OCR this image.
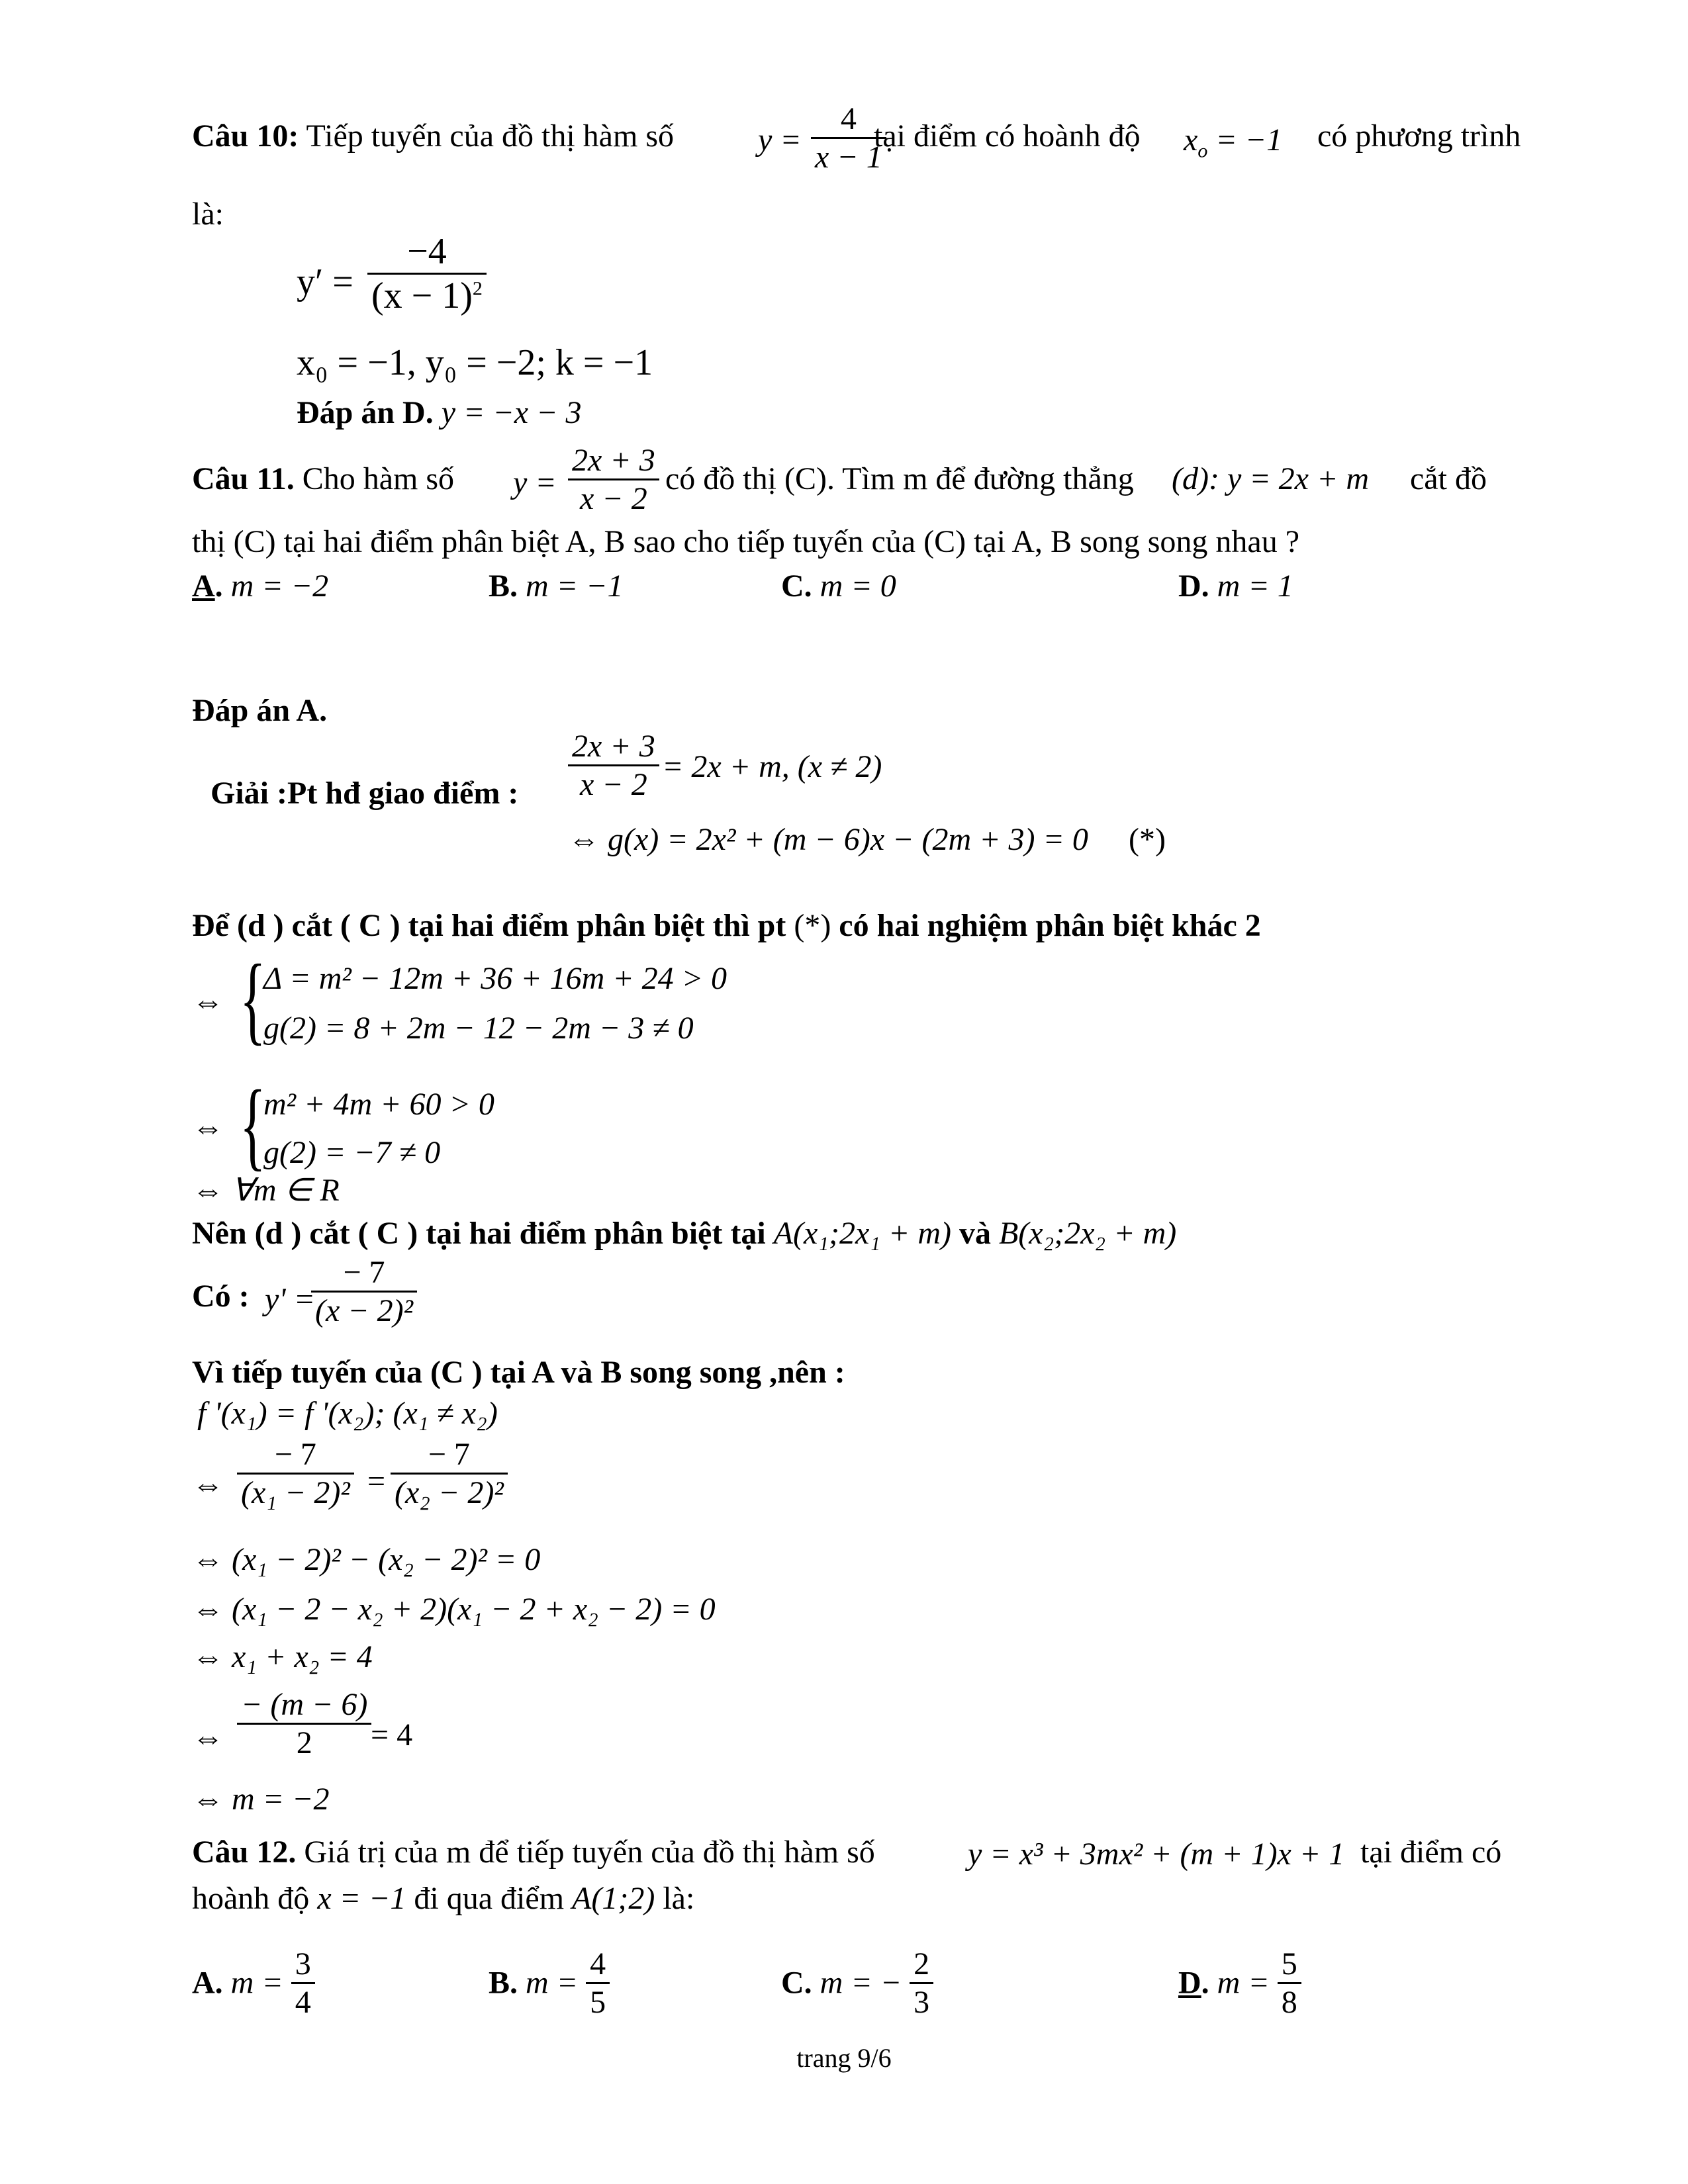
Câu 10: Tiếp tuyến của đồ thị hàm số	$y = \frac{4}{x - 1}$
tại điểm có hoành độ $x_o = -1$ có phương trình
là:
$y' = \frac{-4}{(x - 1)^2}$
x₀ = −1, y₀ = −2; k = −1
Đáp án D. y = −x − 3
Câu 11. Cho hàm số $y = \frac{2x + 3}{x - 2}$ có đồ thị (C). Tìm m để đường thẳng (d): y = 2x + m cắt đồ
thị (C) tại hai điểm phân biệt A, B sao cho tiếp tuyến của (C) tại A, B song song nhau ?
A. m = −2	B. m = −1	C. m = 0	D. m = 1
Đáp án A.
Giải :Pt hđ giao điểm : $\frac{2x + 3}{x - 2} = 2x + m$, (x ≠ 2)
⇔ g(x) = 2x² + (m − 6)x − (2m + 3) = 0 (*)
Để (d ) cắt ( C ) tại hai điểm phân biệt thì pt (*) có hai nghiệm phân biệt khác 2
⇔ {
Δ = m² − 12m + 36 + 16m + 24 > 0
g(2) = 8 + 2m − 12 − 2m − 3 ≠ 0
⇔ {
m² + 4m + 60 > 0
g(2) = −7 ≠ 0
⇔ ∀m ∈ R
Nên (d ) cắt ( C ) tại hai điểm phân biệt tại A(x₁;2x₁ + m) và B(x₂;2x₂ + m)
Có : y' =
$\frac{- 7}{\text{(x − 2)²}}$
Vì tiếp tuyến của (C ) tại A và B song song ,nên :
f '(x₁) = f '(x₂); (x₁ ≠ x₂)
⇔ $\frac{- 7}{\text{(x₁ − 2)²}} = \frac{- 7}{\text{(x₂ − 2)²}}$
⇔ (x₁ − 2)² − (x₂ − 2)² = 0
⇔ (x₁ − 2 − x₂ + 2)(x₁ − 2 + x₂ − 2) = 0
⇔ x₁ + x₂ = 4
⇔ $\frac{- (m - 6)}{2}$
= 4
⇔ m = −2
Câu 12. Giá trị của m để tiếp tuyến của đồ thị hàm số	y = x³ + 3mx² + (m + 1)x + 1 tại điểm có
hoành độ x = −1 đi qua điểm A(1;2) là:
A. $m = \frac{3}{4}$	B. $m = \frac{4}{5}$	C. m = − $\frac{2}{3}$	D. $m = \frac{5}{8}$
trang 9/6
